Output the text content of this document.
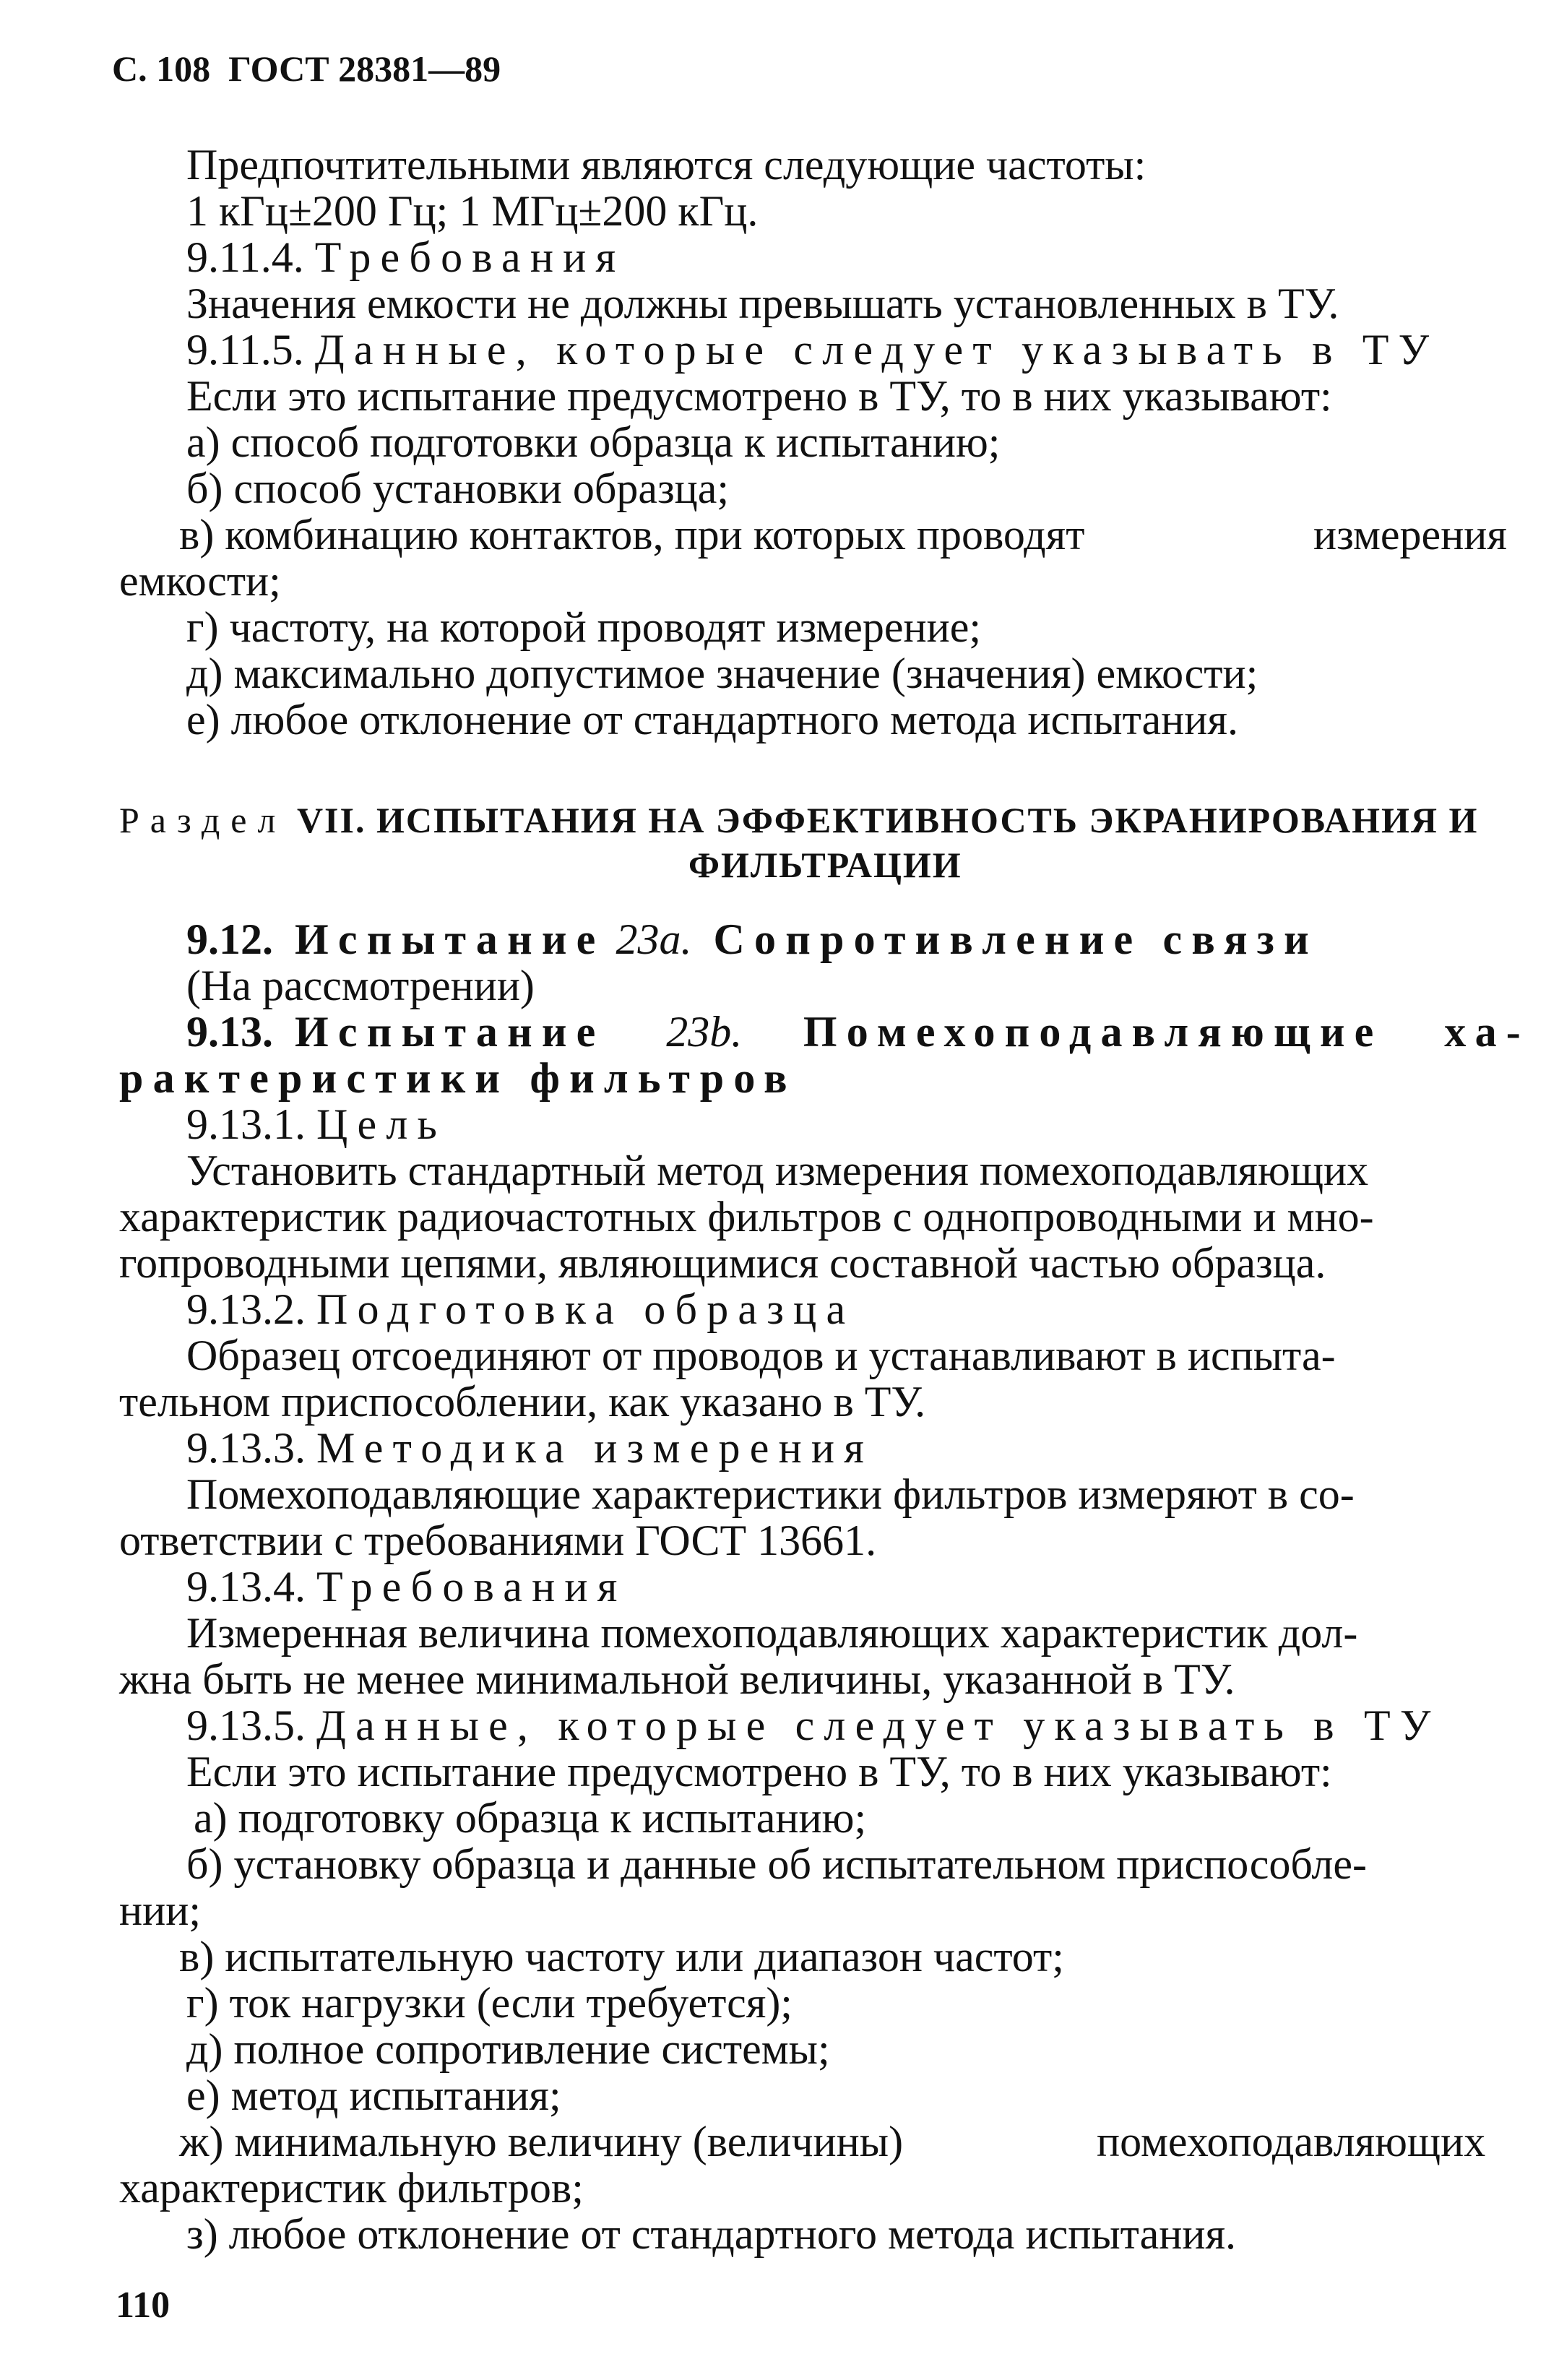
С. 108 ГОСТ 28381—89
Предпочтительными являются следующие частоты:
1 кГц±200 Гц; 1 МГц±200 кГц.
9.11.4. Требования
Значения емкости не должны превышать установленных в ТУ.
9.11.5. Данные, которые следует указывать в ТУ
Если это испытание предусмотрено в ТУ, то в них указывают:
а) способ подготовки образца к испытанию;
б) способ установки образца;
в) комбинацию контактов, при которых проводят	измерения
емкости;
г) частоту, на которой проводят измерение;
д) максимально допустимое значение (значения) емкости;
е) любое отклонение от стандартного метода испытания.
Раздел VII. ИСПЫТАНИЯ НА ЭФФЕКТИВНОСТЬ ЭКРАНИРОВАНИЯ И
ФИЛЬТРАЦИИ
9.12. Испытание 23а. Сопротивление связи
(На рассмотрении)
9.13. Испытание 23b. Помехоподавляющие ха-
рактеристики фильтров
9.13.1. Цель
Установить стандартный метод измерения помехоподавляющих
характеристик радиочастотных фильтров с однопроводными и мно-
гопроводными цепями, являющимися составной частью образца.
9.13.2. Подготовка образца
Образец отсоединяют от проводов и устанавливают в испыта-
тельном приспособлении, как указано в ТУ.
9.13.3. Методика измерения
Помехоподавляющие характеристики фильтров измеряют в со-
ответствии с требованиями ГОСТ 13661.
9.13.4. Требования
Измеренная величина помехоподавляющих характеристик дол-
жна быть не менее минимальной величины, указанной в ТУ.
9.13.5. Данные, которые следует указывать в ТУ
Если это испытание предусмотрено в ТУ, то в них указывают:
а) подготовку образца к испытанию;
б) установку образца и данные об испытательном приспособле-
нии;
в) испытательную частоту или диапазон частот;
г) ток нагрузки (если требуется);
д) полное сопротивление системы;
е) метод испытания;
ж) минимальную величину (величины)	помехоподавляющих
характеристик фильтров;
з) любое отклонение от стандартного метода испытания.
110
